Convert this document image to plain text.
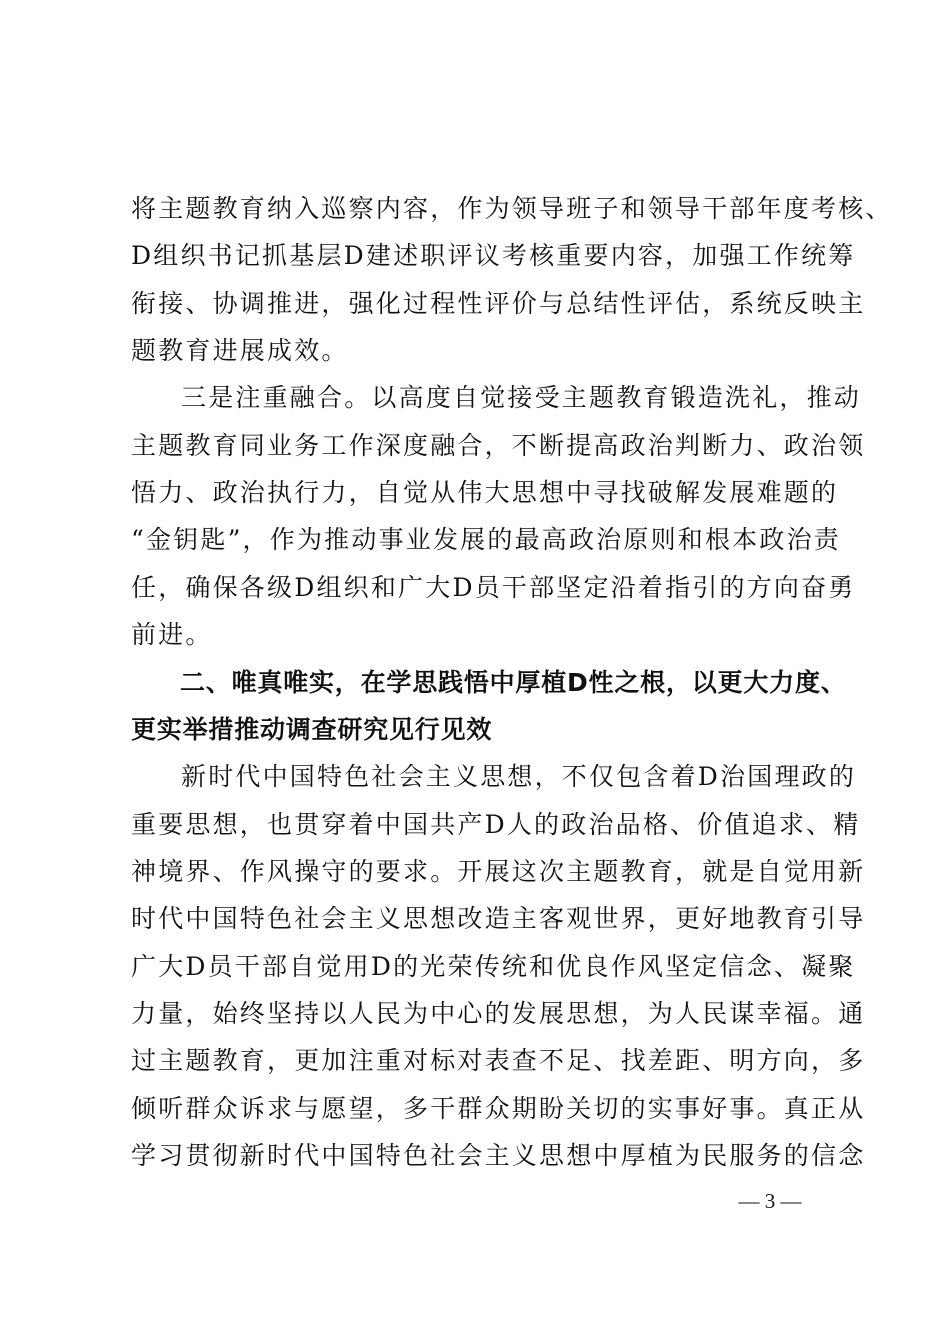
将主题教育纳入巡察内容，作为领导班子和领导干部年度考核、
D组织书记抓基层D建述职评议考核重要内容，加强工作统筹
衔接、协调推进，强化过程性评价与总结性评估，系统反映主
题教育进展成效。
三是注重融合。以高度自觉接受主题教育锻造洗礼，推动
主题教育同业务工作深度融合，不断提高政治判断力、政治领
悟力、政治执行力，自觉从伟大思想中寻找破解发展难题的
“金钥匙”，作为推动事业发展的最高政治原则和根本政治责
任，确保各级D组织和广大D员干部坚定沿着指引的方向奋勇
前进。
二、唯真唯实，在学思践悟中厚植D性之根，以更大力度、
更实举措推动调查研究见行见效
新时代中国特色社会主义思想，不仅包含着D治国理政的
重要思想，也贯穿着中国共产D人的政治品格、价值追求、精
神境界、作风操守的要求。开展这次主题教育，就是自觉用新
时代中国特色社会主义思想改造主客观世界，更好地教育引导
广大D员干部自觉用D的光荣传统和优良作风坚定信念、凝聚
力量，始终坚持以人民为中心的发展思想，为人民谋幸福。通
过主题教育，更加注重对标对表查不足、找差距、明方向，多
倾听群众诉求与愿望，多干群众期盼关切的实事好事。真正从
学习贯彻新时代中国特色社会主义思想中厚植为民服务的信念
— 3 —
